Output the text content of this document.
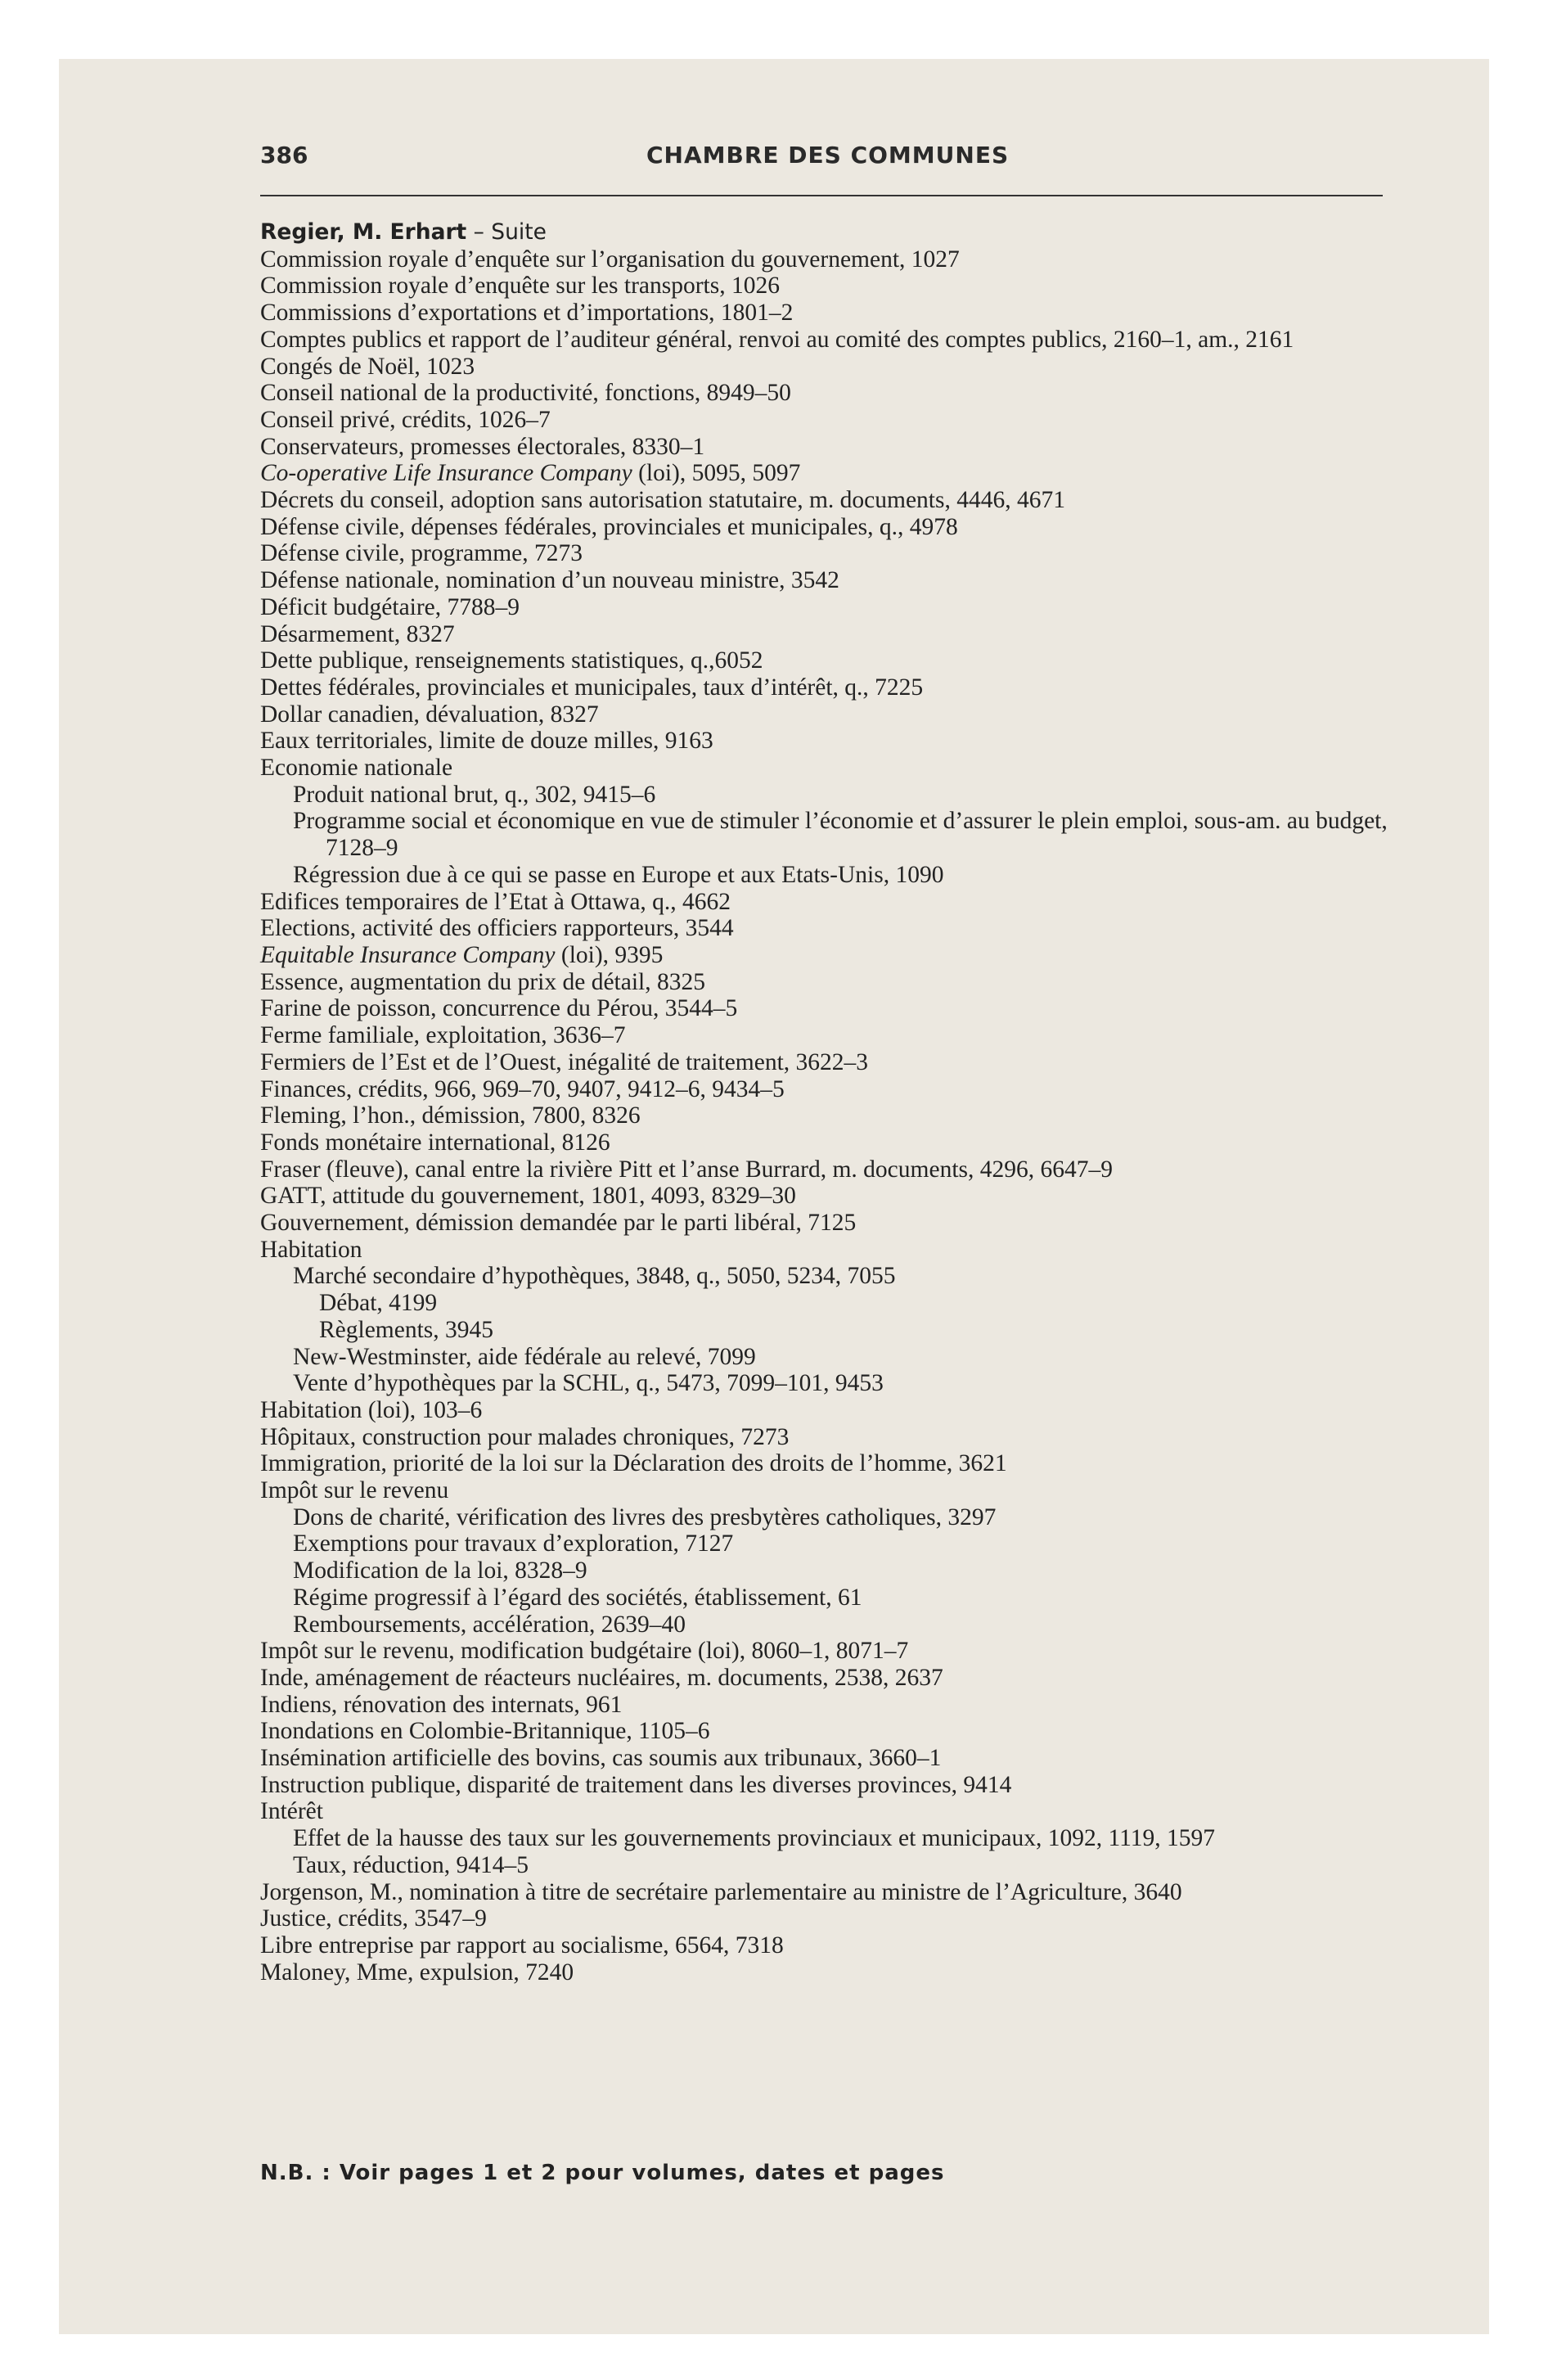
386	CHAMBRE DES COMMUNES
Regier, M. Erhart – Suite
Commission royale d’enquête sur l’organisation du gouvernement, 1027
Commission royale d’enquête sur les transports, 1026
Commissions d’exportations et d’importations, 1801–2
Comptes publics et rapport de l’auditeur général, renvoi au comité des comptes publics, 2160–1, am., 2161
Congés de Noël, 1023
Conseil national de la productivité, fonctions, 8949–50
Conseil privé, crédits, 1026–7
Conservateurs, promesses électorales, 8330–1
Co-operative Life Insurance Company (loi), 5095, 5097
Décrets du conseil, adoption sans autorisation statutaire, m. documents, 4446, 4671
Défense civile, dépenses fédérales, provinciales et municipales, q., 4978
Défense civile, programme, 7273
Défense nationale, nomination d’un nouveau ministre, 3542
Déficit budgétaire, 7788–9
Désarmement, 8327
Dette publique, renseignements statistiques, q.,6052
Dettes fédérales, provinciales et municipales, taux d’intérêt, q., 7225
Dollar canadien, dévaluation, 8327
Eaux territoriales, limite de douze milles, 9163
Economie nationale
Produit national brut, q., 302, 9415–6
Programme social et économique en vue de stimuler l’économie et d’assurer le plein emploi, sous-am. au budget, 7128–9
Régression due à ce qui se passe en Europe et aux Etats-Unis, 1090
Edifices temporaires de l’Etat à Ottawa, q., 4662
Elections, activité des officiers rapporteurs, 3544
Equitable Insurance Company (loi), 9395
Essence, augmentation du prix de détail, 8325
Farine de poisson, concurrence du Pérou, 3544–5
Ferme familiale, exploitation, 3636–7
Fermiers de l’Est et de l’Ouest, inégalité de traitement, 3622–3
Finances, crédits, 966, 969–70, 9407, 9412–6, 9434–5
Fleming, l’hon., démission, 7800, 8326
Fonds monétaire international, 8126
Fraser (fleuve), canal entre la rivière Pitt et l’anse Burrard, m. documents, 4296, 6647–9
GATT, attitude du gouvernement, 1801, 4093, 8329–30
Gouvernement, démission demandée par le parti libéral, 7125
Habitation
Marché secondaire d’hypothèques, 3848, q., 5050, 5234, 7055
Débat, 4199
Règlements, 3945
New-Westminster, aide fédérale au relevé, 7099
Vente d’hypothèques par la SCHL, q., 5473, 7099–101, 9453
Habitation (loi), 103–6
Hôpitaux, construction pour malades chroniques, 7273
Immigration, priorité de la loi sur la Déclaration des droits de l’homme, 3621
Impôt sur le revenu
Dons de charité, vérification des livres des presbytères catholiques, 3297
Exemptions pour travaux d’exploration, 7127
Modification de la loi, 8328–9
Régime progressif à l’égard des sociétés, établissement, 61
Remboursements, accélération, 2639–40
Impôt sur le revenu, modification budgétaire (loi), 8060–1, 8071–7
Inde, aménagement de réacteurs nucléaires, m. documents, 2538, 2637
Indiens, rénovation des internats, 961
Inondations en Colombie-Britannique, 1105–6
Insémination artificielle des bovins, cas soumis aux tribunaux, 3660–1
Instruction publique, disparité de traitement dans les diverses provinces, 9414
Intérêt
Effet de la hausse des taux sur les gouvernements provinciaux et municipaux, 1092, 1119, 1597
Taux, réduction, 9414–5
Jorgenson, M., nomination à titre de secrétaire parlementaire au ministre de l’Agriculture, 3640
Justice, crédits, 3547–9
Libre entreprise par rapport au socialisme, 6564, 7318
Maloney, Mme, expulsion, 7240
N.B. : Voir pages 1 et 2 pour volumes, dates et pages
